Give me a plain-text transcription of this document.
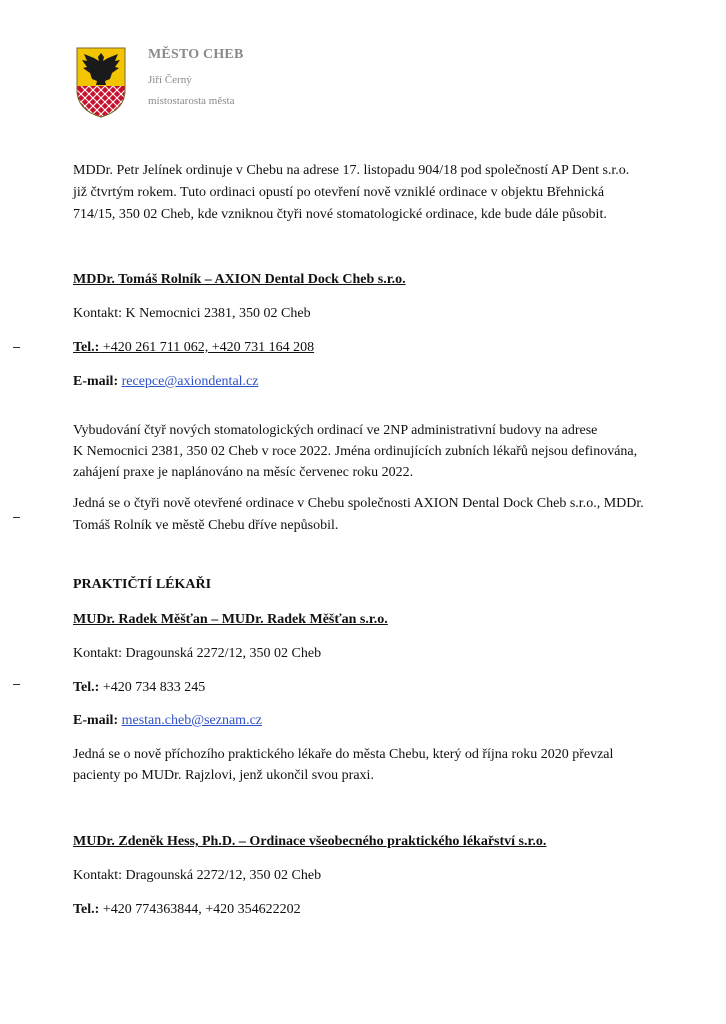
MĚSTO CHEB
Jiří Černý
místostarosta města
MDDr. Petr Jelínek ordinuje v Chebu na adrese 17. listopadu 904/18 pod společností AP Dent s.r.o.
již čtvrtým rokem. Tuto ordinaci opustí po otevření nově vzniklé ordinace v objektu Břehnická
714/15, 350 02 Cheb, kde vzniknou čtyři nové stomatologické ordinace, kde bude dále působit.
MDDr. Tomáš Rolník – AXION Dental Dock Cheb s.r.o.
Kontakt: K Nemocnici 2381, 350 02 Cheb
Tel.: +420 261 711 062, +420 731 164 208
E-mail: recepce@axiondental.cz
Vybudování čtyř nových stomatologických ordinací ve 2NP administrativní budovy na adrese
K Nemocnici 2381, 350 02 Cheb v roce 2022. Jména ordinujících zubních lékařů nejsou definována,
zahájení praxe je naplánováno na měsíc červenec roku 2022.
Jedná se o čtyři nově otevřené ordinace v Chebu společnosti AXION Dental Dock Cheb s.r.o., MDDr.
Tomáš Rolník ve městě Chebu dříve nepůsobil.
PRAKTIČTÍ LÉKAŘI
MUDr. Radek Měšťan – MUDr. Radek Měšťan s.r.o.
Kontakt: Dragounská 2272/12, 350 02 Cheb
Tel.: +420 734 833 245
E-mail: mestan.cheb@seznam.cz
Jedná se o nově příchozího praktického lékaře do města Chebu, který od října roku 2020 převzal
pacienty po MUDr. Rajzlovi, jenž ukončil svou praxi.
MUDr. Zdeněk Hess, Ph.D. – Ordinace všeobecného praktického lékařství s.r.o.
Kontakt: Dragounská 2272/12, 350 02 Cheb
Tel.: +420 774363844, +420 354622202
